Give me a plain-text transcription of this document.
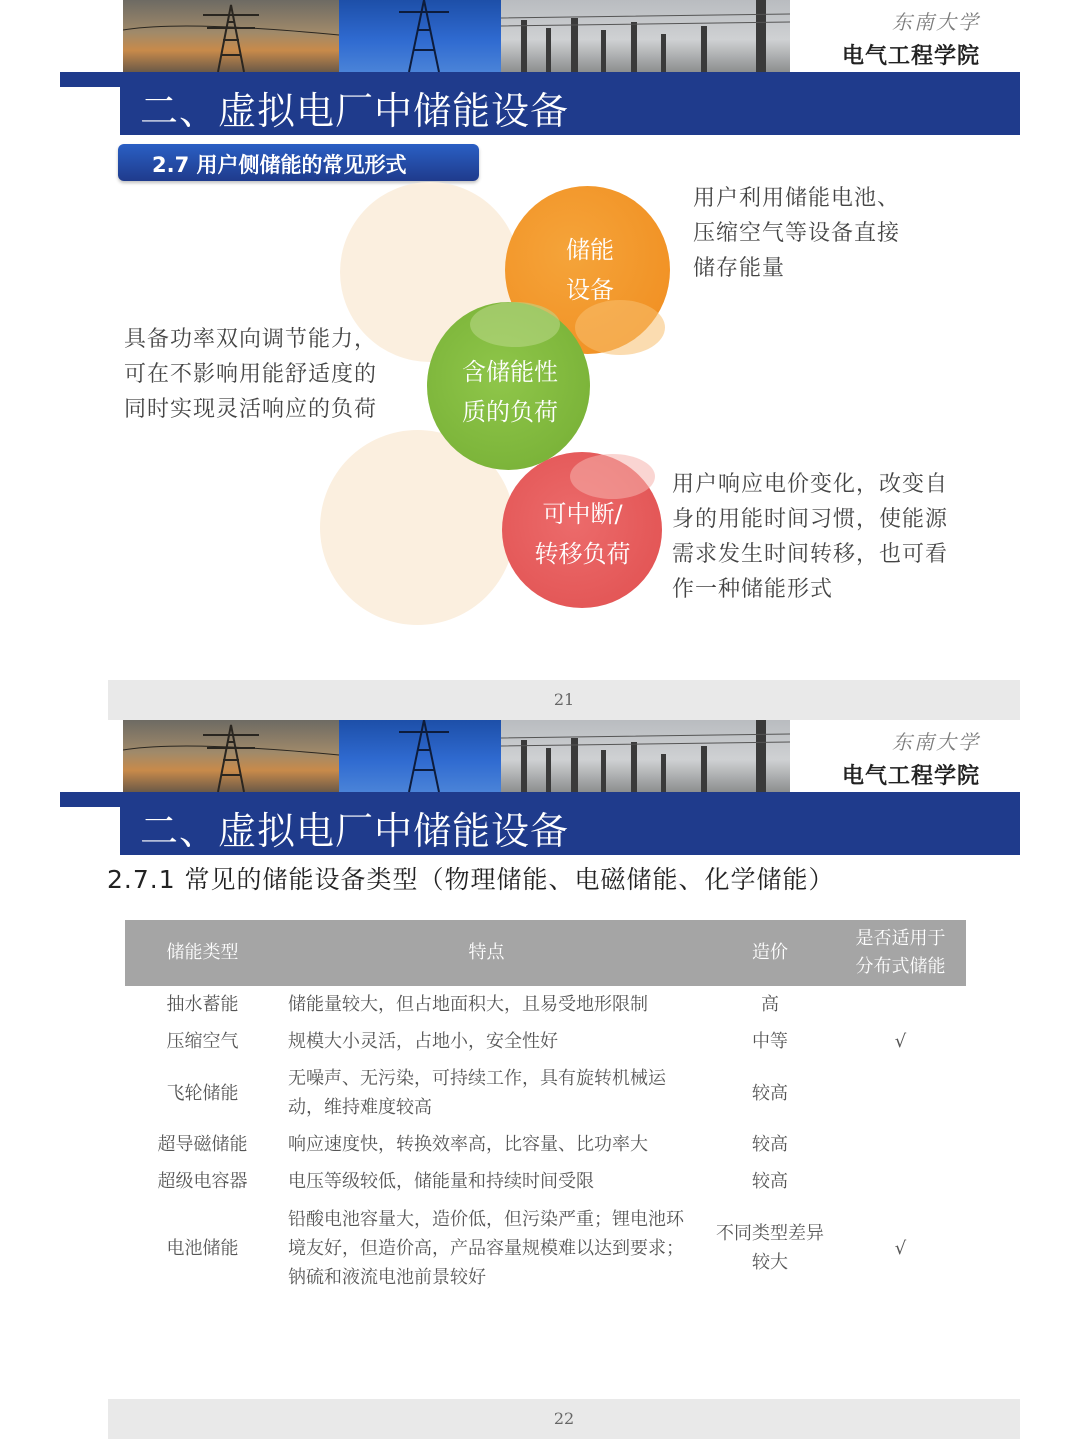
东南大学
电气工程学院
二、虚拟电厂中储能设备
2.7 用户侧储能的常见形式
储能
设备
含储能性
质的负荷
可中断/
转移负荷
用户利用储能电池、
压缩空气等设备直接
储存能量
具备功率双向调节能力，
可在不影响用能舒适度的
同时实现灵活响应的负荷
用户响应电价变化，改变自
身的用能时间习惯，使能源
需求发生时间转移，也可看
作一种储能形式
21
东南大学
电气工程学院
二、虚拟电厂中储能设备
2.7.1 常见的储能设备类型（物理储能、电磁储能、化学储能）
储能类型	特点	造价	是否适用于
分布式储能
抽水蓄能	储能量较大，但占地面积大，且易受地形限制	高	
压缩空气	规模大小灵活，占地小，安全性好	中等	√
飞轮储能	无噪声、无污染，可持续工作，具有旋转机械运动，维持难度较高	较高	
超导磁储能	响应速度快，转换效率高，比容量、比功率大	较高	
超级电容器	电压等级较低，储能量和持续时间受限	较高	
电池储能	铅酸电池容量大，造价低，但污染严重；锂电池环境友好，但造价高，产品容量规模难以达到要求；钠硫和液流电池前景较好	不同类型差异较大	√
22
